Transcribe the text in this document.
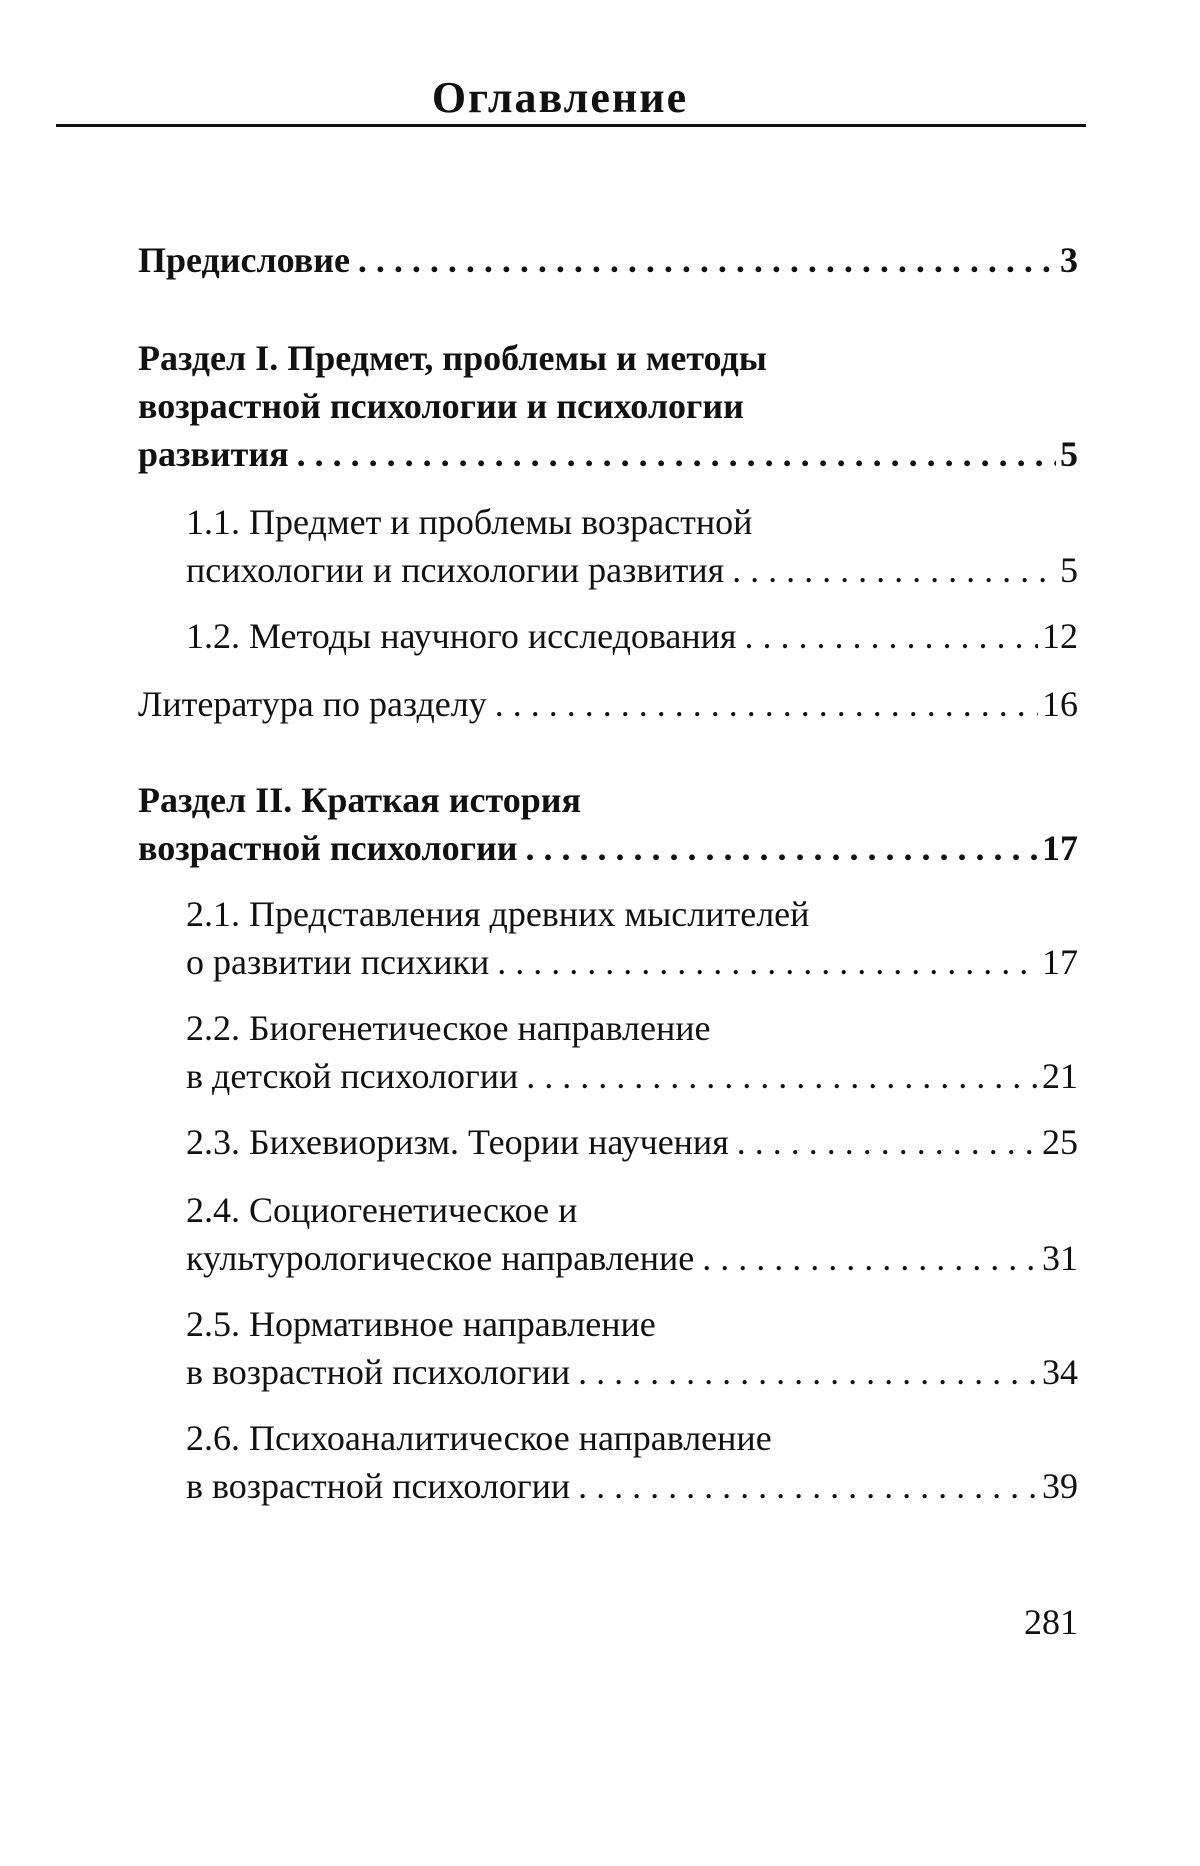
Оглавление
Предисловие . . .	3
Раздел I. Предмет, проблемы и методы
возрастной психологии и психологии
развития . . .	5
1.1. Предмет и проблемы возрастной
психологии и психологии развития . . .	5
1.2. Методы научного исследования . . .	12
Литература по разделу . . .	16
Раздел II. Краткая история
возрастной психологии . . .	17
2.1. Представления древних мыслителей
о развитии психики . . .	17
2.2. Биогенетическое направление
в детской психологии . . .	21
2.3. Бихевиоризм. Теории научения . . .	25
2.4. Социогенетическое и
культурологическое направление . . .	31
2.5. Нормативное направление
в возрастной психологии . . .	34
2.6. Психоаналитическое направление
в возрастной психологии . . .	39
281
